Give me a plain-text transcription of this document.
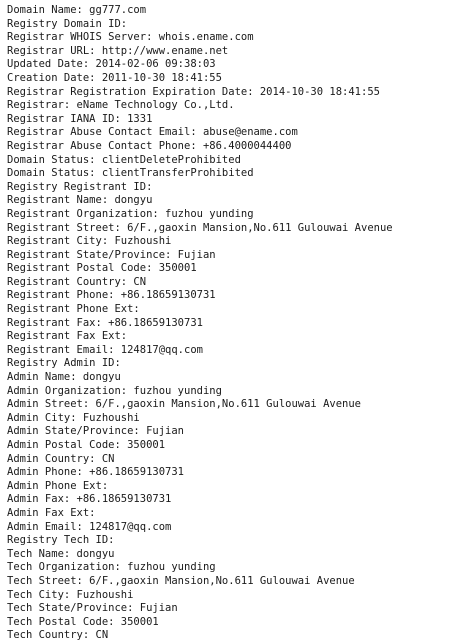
Domain Name: gg777.com
Registry Domain ID:
Registrar WHOIS Server: whois.ename.com
Registrar URL: http://www.ename.net
Updated Date: 2014-02-06 09:38:03
Creation Date: 2011-10-30 18:41:55
Registrar Registration Expiration Date: 2014-10-30 18:41:55
Registrar: eName Technology Co.,Ltd.
Registrar IANA ID: 1331
Registrar Abuse Contact Email: abuse@ename.com
Registrar Abuse Contact Phone: +86.4000044400
Domain Status: clientDeleteProhibited
Domain Status: clientTransferProhibited
Registry Registrant ID:
Registrant Name: dongyu
Registrant Organization: fuzhou yunding
Registrant Street: 6/F.,gaoxin Mansion,No.611 Gulouwai Avenue
Registrant City: Fuzhoushi
Registrant State/Province: Fujian
Registrant Postal Code: 350001
Registrant Country: CN
Registrant Phone: +86.18659130731
Registrant Phone Ext:
Registrant Fax: +86.18659130731
Registrant Fax Ext:
Registrant Email: 124817@qq.com
Registry Admin ID:
Admin Name: dongyu
Admin Organization: fuzhou yunding
Admin Street: 6/F.,gaoxin Mansion,No.611 Gulouwai Avenue
Admin City: Fuzhoushi
Admin State/Province: Fujian
Admin Postal Code: 350001
Admin Country: CN
Admin Phone: +86.18659130731
Admin Phone Ext:
Admin Fax: +86.18659130731
Admin Fax Ext:
Admin Email: 124817@qq.com
Registry Tech ID:
Tech Name: dongyu
Tech Organization: fuzhou yunding
Tech Street: 6/F.,gaoxin Mansion,No.611 Gulouwai Avenue
Tech City: Fuzhoushi
Tech State/Province: Fujian
Tech Postal Code: 350001
Tech Country: CN
